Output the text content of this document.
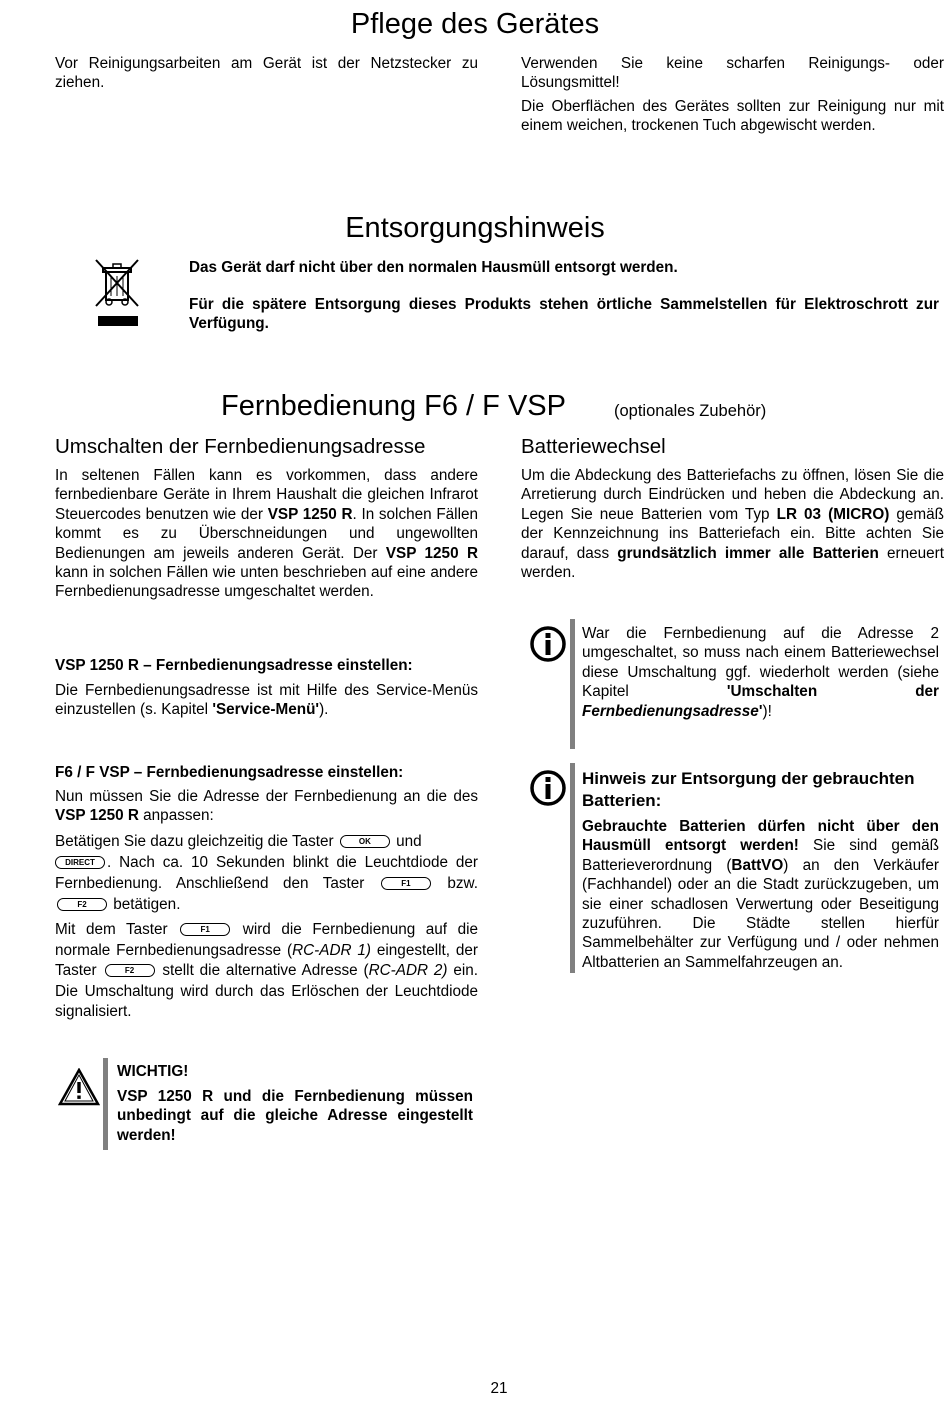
Pflege des Gerätes
Vor Reinigungsarbeiten am Gerät ist der Netzstecker zu ziehen.
Verwenden Sie keine scharfen Reinigungs- oder Lösungsmittel!
Die Oberflächen des Gerätes sollten zur Reinigung nur mit einem weichen, trockenen Tuch abgewischt werden.
Entsorgungshinweis
Das Gerät darf nicht über den normalen Hausmüll entsorgt werden.
Für die spätere Entsorgung dieses Produkts stehen örtliche Sammelstellen für Elektroschrott zur Verfügung.
Fernbedienung F6 / F VSP	(optionales Zubehör)
Umschalten der Fernbedienungsadresse
In seltenen Fällen kann es vorkommen, dass andere fernbedienbare Geräte in Ihrem Haushalt die gleichen Infrarot Steuercodes benutzen wie der VSP 1250 R. In solchen Fällen kommt es zu Überschneidungen und ungewollten Bedienungen am jeweils anderen Gerät. Der VSP 1250 R kann in solchen Fällen wie unten beschrieben auf eine andere Fernbedienungsadresse umgeschaltet werden.
VSP 1250 R – Fernbedienungsadresse einstellen:
Die Fernbedienungsadresse ist mit Hilfe des Service-Menüs einzustellen (s. Kapitel 'Service-Menü').
F6 / F VSP – Fernbedienungsadresse einstellen:
Nun müssen Sie die Adresse der Fernbedienung an die des VSP 1250 R anpassen:
Betätigen Sie dazu gleichzeitig die Taster	OK und
DIRECT . Nach ca. 10 Sekunden blinkt die Leuchtdiode der Fernbedienung. Anschließend den Taster	F1 bzw. F2 betätigen.
Mit dem Taster	F1 wird die Fernbedienung auf die normale Fernbedienungsadresse (RC-ADR 1) eingestellt, der Taster	F2 stellt die alternative Adresse (RC-ADR 2) ein. Die Umschaltung wird durch das Erlöschen der Leuchtdiode signalisiert.
WICHTIG!
VSP 1250 R und die Fernbedienung müssen unbedingt auf die gleiche Adresse eingestellt werden!
Batteriewechsel
Um die Abdeckung des Batteriefachs zu öffnen, lösen Sie die Arretierung durch Eindrücken und heben die Abdeckung an. Legen Sie neue Batterien vom Typ LR 03 (MICRO) gemäß der Kennzeichnung ins Batteriefach ein. Bitte achten Sie darauf, dass grundsätzlich immer alle Batterien erneuert werden.
War die Fernbedienung auf die Adresse 2 umgeschaltet, so muss nach einem Batteriewechsel diese Umschaltung ggf. wiederholt werden (siehe Kapitel 'Umschalten der Fernbedienungsadresse')!
Hinweis zur Entsorgung der gebrauchten Batterien:
Gebrauchte Batterien dürfen nicht über den Hausmüll entsorgt werden! Sie sind gemäß Batterieverordnung (BattVO) an den Verkäufer (Fachhandel) oder an die Stadt zurückzugeben, um sie einer schadlosen Verwertung oder Beseitigung zuzuführen. Die Städte stellen hierfür Sammelbehälter zur Verfügung und / oder nehmen Altbatterien an Sammelfahrzeugen an.
21
